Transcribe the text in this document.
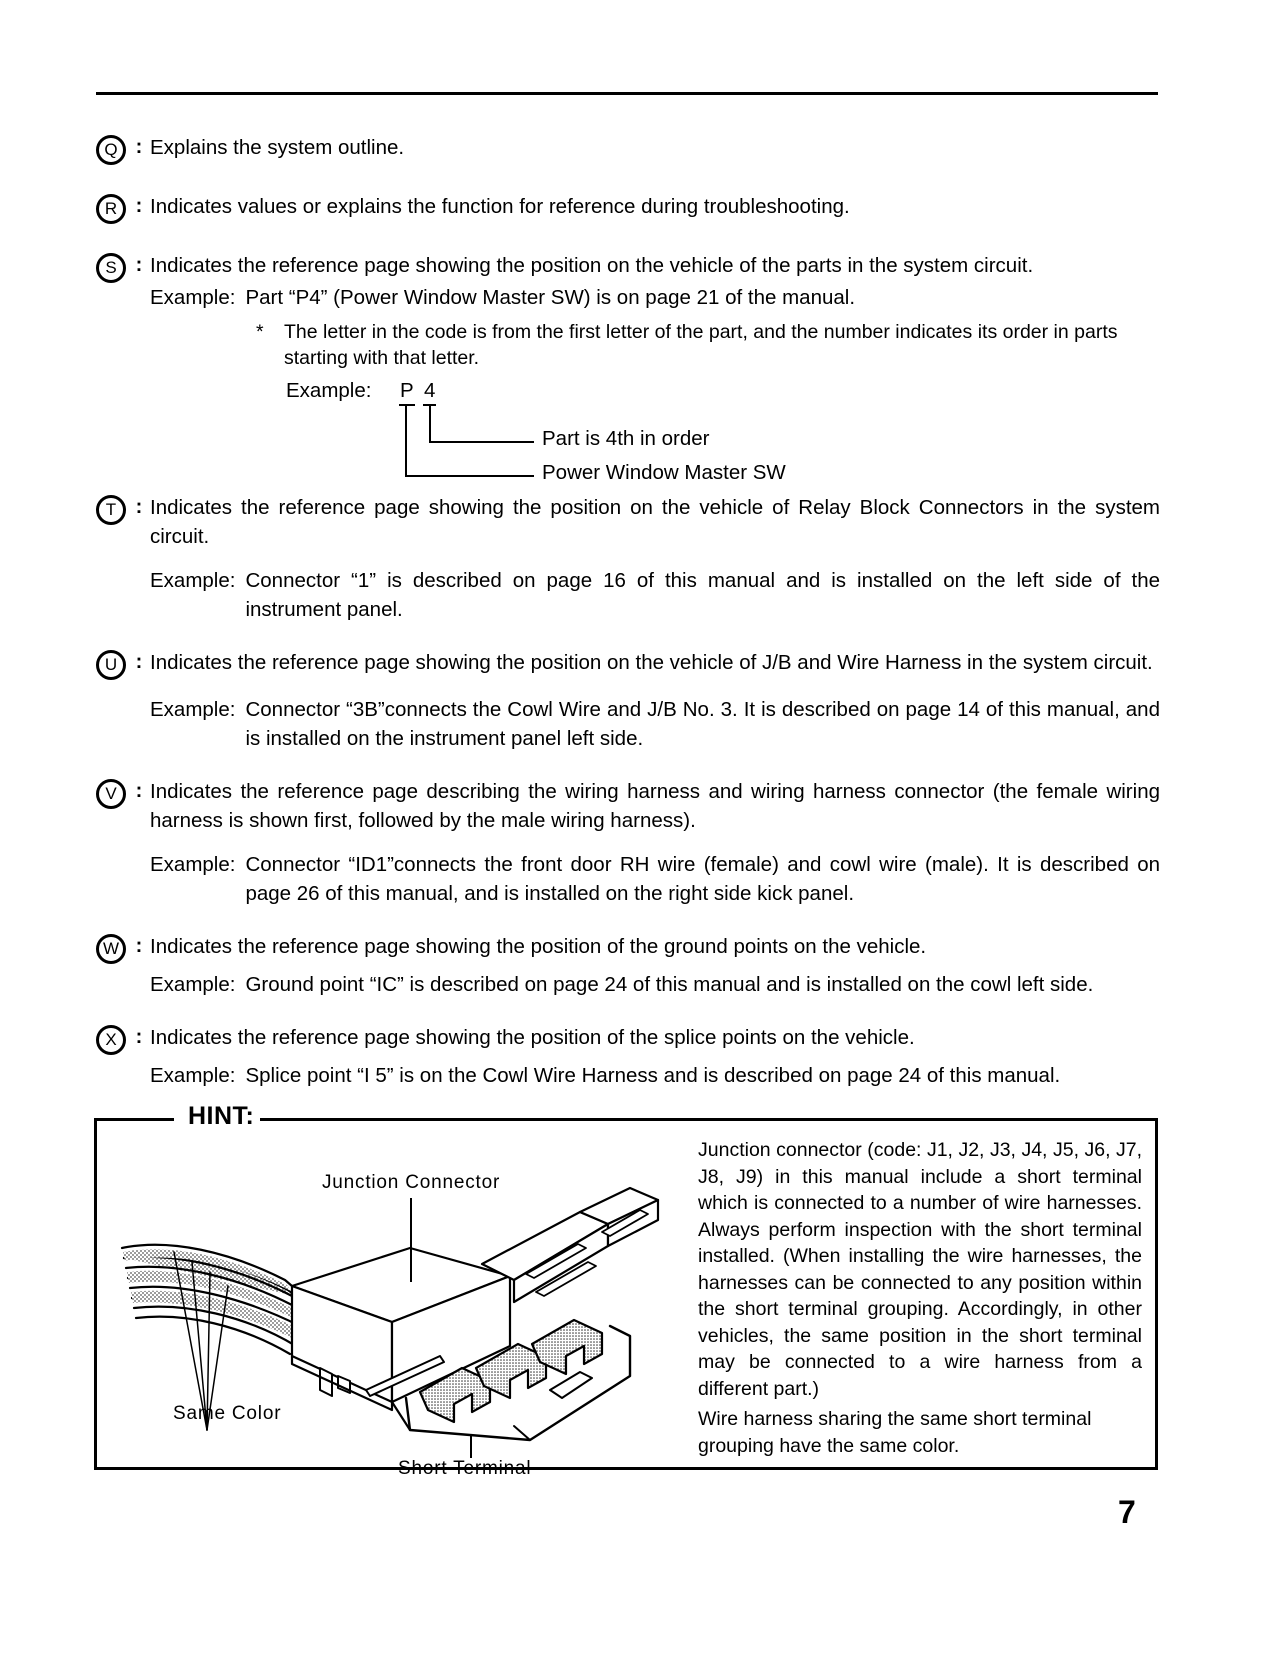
Q : Explains the system outline.
R : Indicates values or explains the function for reference during troubleshooting.
S : Indicates the reference page showing the position on the vehicle of the parts in the system circuit.
Example: Part “P4” (Power Window Master SW) is on page 21 of the manual.
*	The letter in the code is from the first letter of the part, and the number indicates its order in parts starting with that letter.
Example: P 4
Part is 4th in order
Power Window Master SW
T : Indicates the reference page showing the position on the vehicle of Relay Block Connectors in the system circuit.
Example: Connector “1” is described on page 16 of this manual and is installed on the left side of the instrument panel.
U : Indicates the reference page showing the position on the vehicle of J/B and Wire Harness in the system circuit.
Example: Connector “3B”connects the Cowl Wire and J/B No. 3. It is described on page 14 of this manual, and is installed on the instrument panel left side.
V : Indicates the reference page describing the wiring harness and wiring harness connector (the female wiring harness is shown first, followed by the male wiring harness).
Example: Connector “ID1”connects the front door RH wire (female) and cowl wire (male). It is described on page 26 of this manual, and is installed on the right side kick panel.
W : Indicates the reference page showing the position of the ground points on the vehicle.
Example: Ground point “IC” is described on page 24 of this manual and is installed on the cowl left side.
X : Indicates the reference page showing the position of the splice points on the vehicle.
Example: Splice point “I 5” is on the Cowl Wire Harness and is described on page 24 of this manual.
HINT:
Junction Connector
Same Color
Short Terminal

Junction connector (code: J1, J2, J3, J4, J5, J6, J7, J8, J9) in this manual include a short terminal which is connected to a number of wire harnesses. Always perform inspection with the short terminal installed. (When installing the wire harnesses, the harnesses can be connected to any position within the short terminal grouping. Accordingly, in other vehicles, the same position in the short terminal may be connected to a wire harness from a different part.)

Wire harness sharing the same short terminal grouping have the same color.

7
